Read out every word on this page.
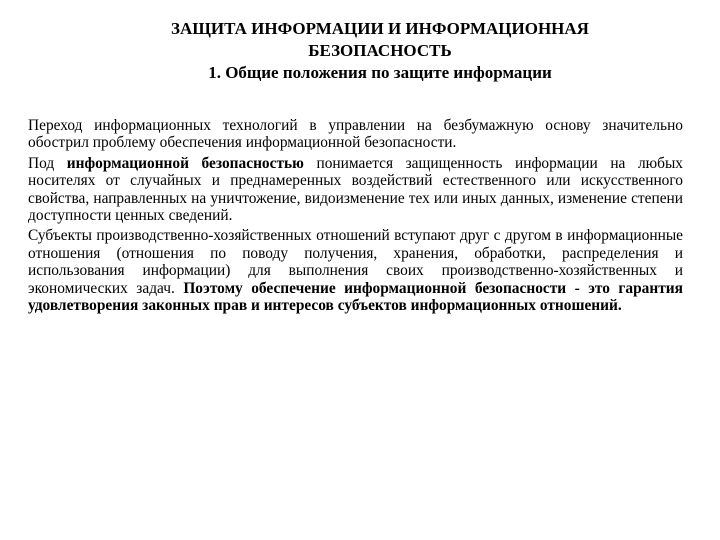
ЗАЩИТА ИНФОРМАЦИИ И ИНФОРМАЦИОННАЯ
БЕЗОПАСНОСТЬ
1. Общие положения по защите информации

Переход информационных технологий в управлении на безбумажную основу значительно обострил проблему обеспечения информационной безопасности.

Под информационной безопасностью понимается защищенность информации на любых носителях от случайных и преднамеренных воздействий естественного или искусственного свойства, направленных на уничтожение, видоизменение тех или иных данных, изменение степени доступности ценных сведений.

Субъекты производственно-хозяйственных отношений вступают друг с другом в информационные отношения (отношения по поводу получения, хранения, обработки, распределения и использования информации) для выполнения своих производственно-хозяйственных и экономических задач. Поэтому обеспечение информационной безопасности - это гарантия удовлетворения законных прав и интересов субъектов информационных отношений.
